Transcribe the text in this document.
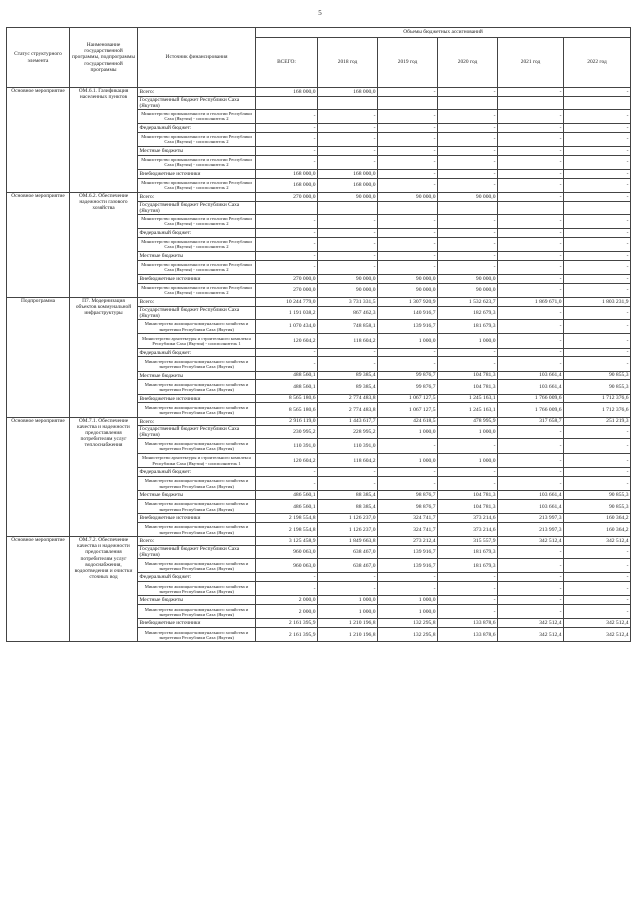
5
Статус структурного элемента	Наименование государственной программы, подпрограммы государственной программы	Источник финансирования	Объемы бюджетных ассигнований					
			ВСЕГО:	2018 год	2019 год	2020 год	2021 год	2022 год
Основное мероприятие	ОМ.6.1. Газификация населенных пунктов	Всего:	168 000,0	168 000,0	-	-	-	-
		Государственный бюджет Республики Саха (Якутия)						
		Министерство промышленности и геологии Республики Саха (Якутия) - соисполнитель 2	-	-	-	-	-	-
		Федеральный бюджет:	-	-	-	-	-	-
		Министерство промышленности и геологии Республики Саха (Якутия) - соисполнитель 2	-	-	-	-	-	-
		Местные бюджеты	-	-	-	-	-	-
		Министерство промышленности и геологии Республики Саха (Якутия) - соисполнитель 2	-	-	-	-	-	-
		Внебюджетные источники	168 000,0	168 000,0	-	-	-	-
		Министерство промышленности и геологии Республики Саха (Якутия) - соисполнитель 2	168 000,0	168 000,0	-	-	-	-
Основное мероприятие	ОМ.6.2. Обеспечение надежности газового хозяйства	Всего:	270 000,0	90 000,0	90 000,0	90 000,0	-	-
		Государственный бюджет Республики Саха (Якутия)						
		Министерство промышленности и геологии Республики Саха (Якутия) - соисполнитель 2	-	-	-	-	-	-
		Федеральный бюджет:	-	-	-	-	-	-
		Министерство промышленности и геологии Республики Саха (Якутия) - соисполнитель 2	-	-	-	-	-	-
		Местные бюджеты	-	-	-	-	-	-
		Министерство промышленности и геологии Республики Саха (Якутия) - соисполнитель 2	-	-	-	-	-	-
		Внебюджетные источники	270 000,0	90 000,0	90 000,0	90 000,0	-	-
		Министерство промышленности и геологии Республики Саха (Якутия) - соисполнитель 2	270 000,0	90 000,0	90 000,0	90 000,0	-	-
Подпрограмма	П7. Модернизация объектов коммунальной инфраструктуры	Всего:	10 244 779,0	3 731 331,5	1 307 920,9	1 532 623,7	1 869 671,0	1 803 231,9
		Государственный бюджет Республики Саха (Якутия)	1 191 038,2	867 462,3	140 916,7	182 679,3	-	-
		Министерство жилищно-коммунального хозяйства и энергетики Республики Саха (Якутия)	1 070 434,0	748 858,1	139 916,7	181 679,3	-	-
		Министерство архитектуры и строительного комплекса Республики Саха (Якутия) - соисполнитель 1	120 604,2	118 604,2	1 000,0	1 000,0	-	-
		Федеральный бюджет:	-	-	-	-	-	-
		Министерство жилищно-коммунального хозяйства и энергетики Республики Саха (Якутия)	-	-	-	-	-	-
		Местные бюджеты	488 560,1	89 385,4	99 876,7	104 781,3	103 661,4	90 855,3
		Министерство жилищно-коммунального хозяйства и энергетики Республики Саха (Якутия)	488 560,1	89 385,4	99 876,7	104 781,3	103 661,4	90 855,3
		Внебюджетные источники	8 565 180,6	2 774 483,8	1 067 127,5	1 245 163,1	1 766 009,6	1 712 376,6
		Министерство жилищно-коммунального хозяйства и энергетики Республики Саха (Якутия)	8 565 180,6	2 774 483,8	1 067 127,5	1 245 163,1	1 766 009,6	1 712 376,6
Основное мероприятие	ОМ.7.1. Обеспечение качества и надежности предоставления потребителям услуг теплоснабжения	Всего:	2 916 119,0	1 443 617,7	424 618,5	478 995,9	317 658,7	251 219,3
		Государственный бюджет Республики Саха (Якутия)	230 995,2	228 995,2	1 000,0	1 000,0	-	-
		Министерство жилищно-коммунального хозяйства и энергетики Республики Саха (Якутия)	110 391,0	110 391,0	-	-	-	-
		Министерство архитектуры и строительного комплекса Республики Саха (Якутия) - соисполнитель 1	120 604,2	118 604,2	1 000,0	1 000,0	-	-
		Федеральный бюджет:	-	-	-	-	-	-
		Министерство жилищно-коммунального хозяйства и энергетики Республики Саха (Якутия)	-	-	-	-	-	-
		Местные бюджеты	486 560,1	88 385,4	98 876,7	104 781,3	103 661,4	90 855,3
		Министерство жилищно-коммунального хозяйства и энергетики Республики Саха (Якутия)	486 560,1	88 385,4	98 876,7	104 781,3	103 661,4	90 855,3
		Внебюджетные источники	2 198 554,8	1 126 237,0	324 741,7	373 214,6	213 997,3	160 364,2
		Министерство жилищно-коммунального хозяйства и энергетики Республики Саха (Якутия)	2 198 554,8	1 126 237,0	324 741,7	373 214,6	213 997,3	160 364,2
Основное мероприятие	ОМ.7.2. Обеспечение качества и надежности предоставления потребителям услуг водоснабжения, водоотведения и очистки сточных вод	Всего:	3 125 458,9	1 849 663,8	273 212,4	315 557,9	342 512,4	342 512,4
		Государственный бюджет Республики Саха (Якутия)	960 063,0	638 467,0	139 916,7	181 679,3	-	-
		Министерство жилищно-коммунального хозяйства и энергетики Республики Саха (Якутия)	960 063,0	638 467,0	139 916,7	181 679,3	-	-
		Федеральный бюджет:	-	-	-	-	-	-
		Министерство жилищно-коммунального хозяйства и энергетики Республики Саха (Якутия)	-	-	-	-	-	-
		Местные бюджеты	2 000,0	1 000,0	1 000,0	-	-	-
		Министерство жилищно-коммунального хозяйства и энергетики Республики Саха (Якутия)	2 000,0	1 000,0	1 000,0	-	-	-
		Внебюджетные источники	2 161 395,9	1 210 196,8	132 295,8	133 878,6	342 512,4	342 512,4
		Министерство жилищно-коммунального хозяйства и энергетики Республики Саха (Якутия)	2 161 395,9	1 210 196,8	132 295,8	133 878,6	342 512,4	342 512,4
